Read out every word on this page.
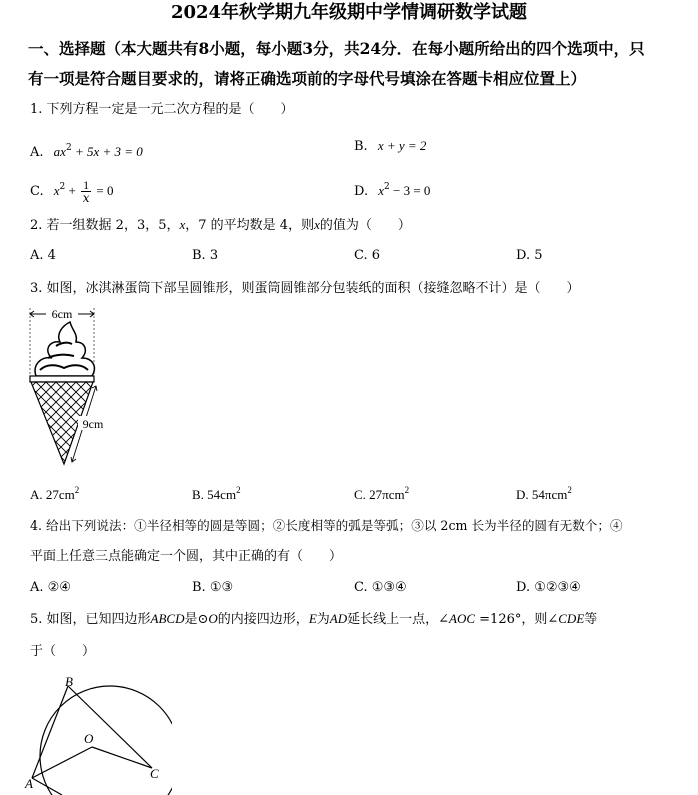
2024年秋学期九年级期中学情调研数学试题
一、选择题（本大题共有8小题，每小题3分，共24分．在每小题所给出的四个选项中，只
有一项是符合题目要求的，请将正确选项前的字母代号填涂在答题卡相应位置上）
1. 下列方程一定是一元二次方程的是（　　）
A. $ax^2 + 5x + 3 = 0$	B. x + y = 2
C. $x^2 + \frac{1}{x} = 0$	D. $x^2 - 3 = 0$
2. 若一组数据 2，3，5，x，7 的平均数是 4，则x的值为（　　）
A. 4	B. 3	C. 6	D. 5
3. 如图，冰淇淋蛋筒下部呈圆锥形，则蛋筒圆锥部分包装纸的面积（接缝忽略不计）是（　　）
6cm
9cm
A. $27cm^2$	B. $54cm^2$	C. 27πcm$^2$	D. 54πcm$^2$
4. 给出下列说法：①半径相等的圆是等圆；②长度相等的弧是等弧；③以 2cm 长为半径的圆有无数个；④
平面上任意三点能确定一个圆，其中正确的有（　　）
A. ②④	B. ①③	C. ①③④	D. ①②③④
5. 如图，已知四边形ABCD是⊙O的内接四边形，E为AD延长线上一点，∠AOC =126°，则∠CDE等
于（　　）
B
O
A
C
